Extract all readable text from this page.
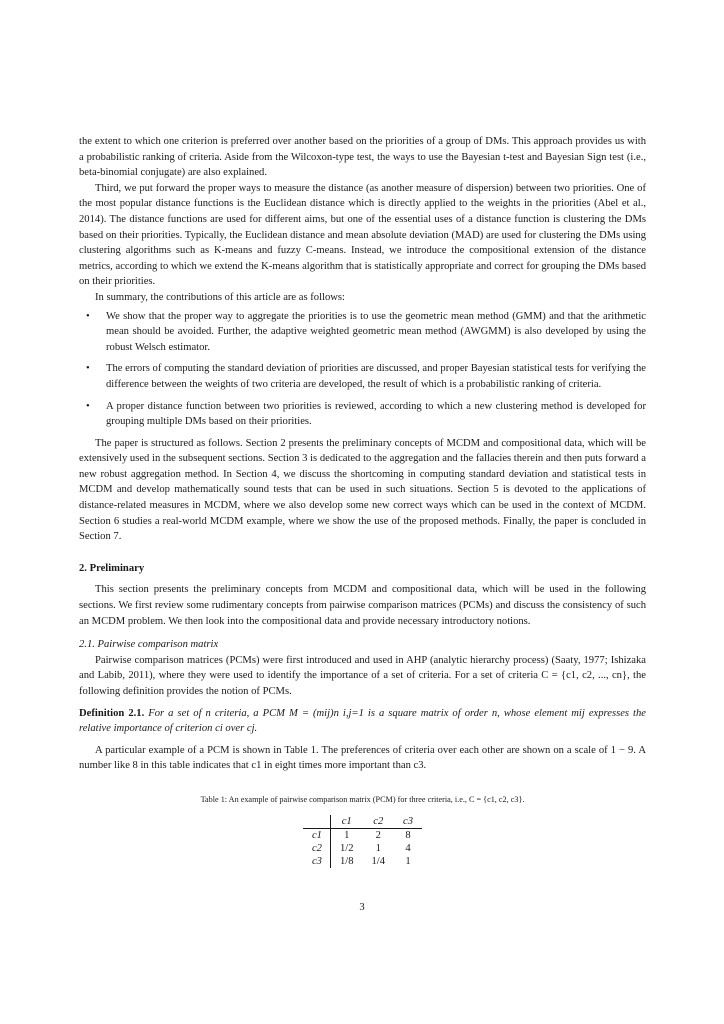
the extent to which one criterion is preferred over another based on the priorities of a group of DMs. This approach provides us with a probabilistic ranking of criteria. Aside from the Wilcoxon-type test, the ways to use the Bayesian t-test and Bayesian Sign test (i.e., beta-binomial conjugate) are also explained.

Third, we put forward the proper ways to measure the distance (as another measure of dispersion) between two priorities. One of the most popular distance functions is the Euclidean distance which is directly applied to the weights in the priorities (Abel et al., 2014). The distance functions are used for different aims, but one of the essential uses of a distance function is clustering the DMs based on their priorities. Typically, the Euclidean distance and mean absolute deviation (MAD) are used for clustering the DMs using clustering algorithms such as K-means and fuzzy C-means. Instead, we introduce the compositional extension of the distance metrics, according to which we extend the K-means algorithm that is statistically appropriate and correct for grouping the DMs based on their priorities.

In summary, the contributions of this article are as follows:

• We show that the proper way to aggregate the priorities is to use the geometric mean method (GMM) and that the arithmetic mean should be avoided. Further, the adaptive weighted geometric mean method (AWGMM) is also developed by using the robust Welsch estimator.
• The errors of computing the standard deviation of priorities are discussed, and proper Bayesian statistical tests for verifying the difference between the weights of two criteria are developed, the result of which is a probabilistic ranking of criteria.
• A proper distance function between two priorities is reviewed, according to which a new clustering method is developed for grouping multiple DMs based on their priorities.

The paper is structured as follows. Section 2 presents the preliminary concepts of MCDM and compositional data, which will be extensively used in the subsequent sections. Section 3 is dedicated to the aggregation and the fallacies therein and then puts forward a new robust aggregation method. In Section 4, we discuss the shortcoming in computing standard deviation and statistical tests in MCDM and develop mathematically sound tests that can be used in such situations. Section 5 is devoted to the applications of distance-related measures in MCDM, where we also develop some new correct ways which can be used in the context of MCDM. Section 6 studies a real-world MCDM example, where we show the use of the proposed methods. Finally, the paper is concluded in Section 7.

2. Preliminary

This section presents the preliminary concepts from MCDM and compositional data, which will be used in the following sections. We first review some rudimentary concepts from pairwise comparison matrices (PCMs) and discuss the consistency of such an MCDM problem. We then look into the compositional data and provide necessary introductory notions.

2.1. Pairwise comparison matrix

Pairwise comparison matrices (PCMs) were first introduced and used in AHP (analytic hierarchy process) (Saaty, 1977; Ishizaka and Labib, 2011), where they were used to identify the importance of a set of criteria. For a set of criteria C = {c1, c2, ..., cn}, the following definition provides the notion of PCMs.

Definition 2.1. For a set of n criteria, a PCM M = (mij)n i,j=1 is a square matrix of order n, whose element mij expresses the relative importance of criterion ci over cj.

A particular example of a PCM is shown in Table 1. The preferences of criteria over each other are shown on a scale of 1 − 9. A number like 8 in this table indicates that c1 in eight times more important than c3.

Table 1: An example of pairwise comparison matrix (PCM) for three criteria, i.e., C = {c1, c2, c3}.
	c1	c2	c3
c1	1	2	8
c2	1/2	1	4
c3	1/8	1/4	1
3
